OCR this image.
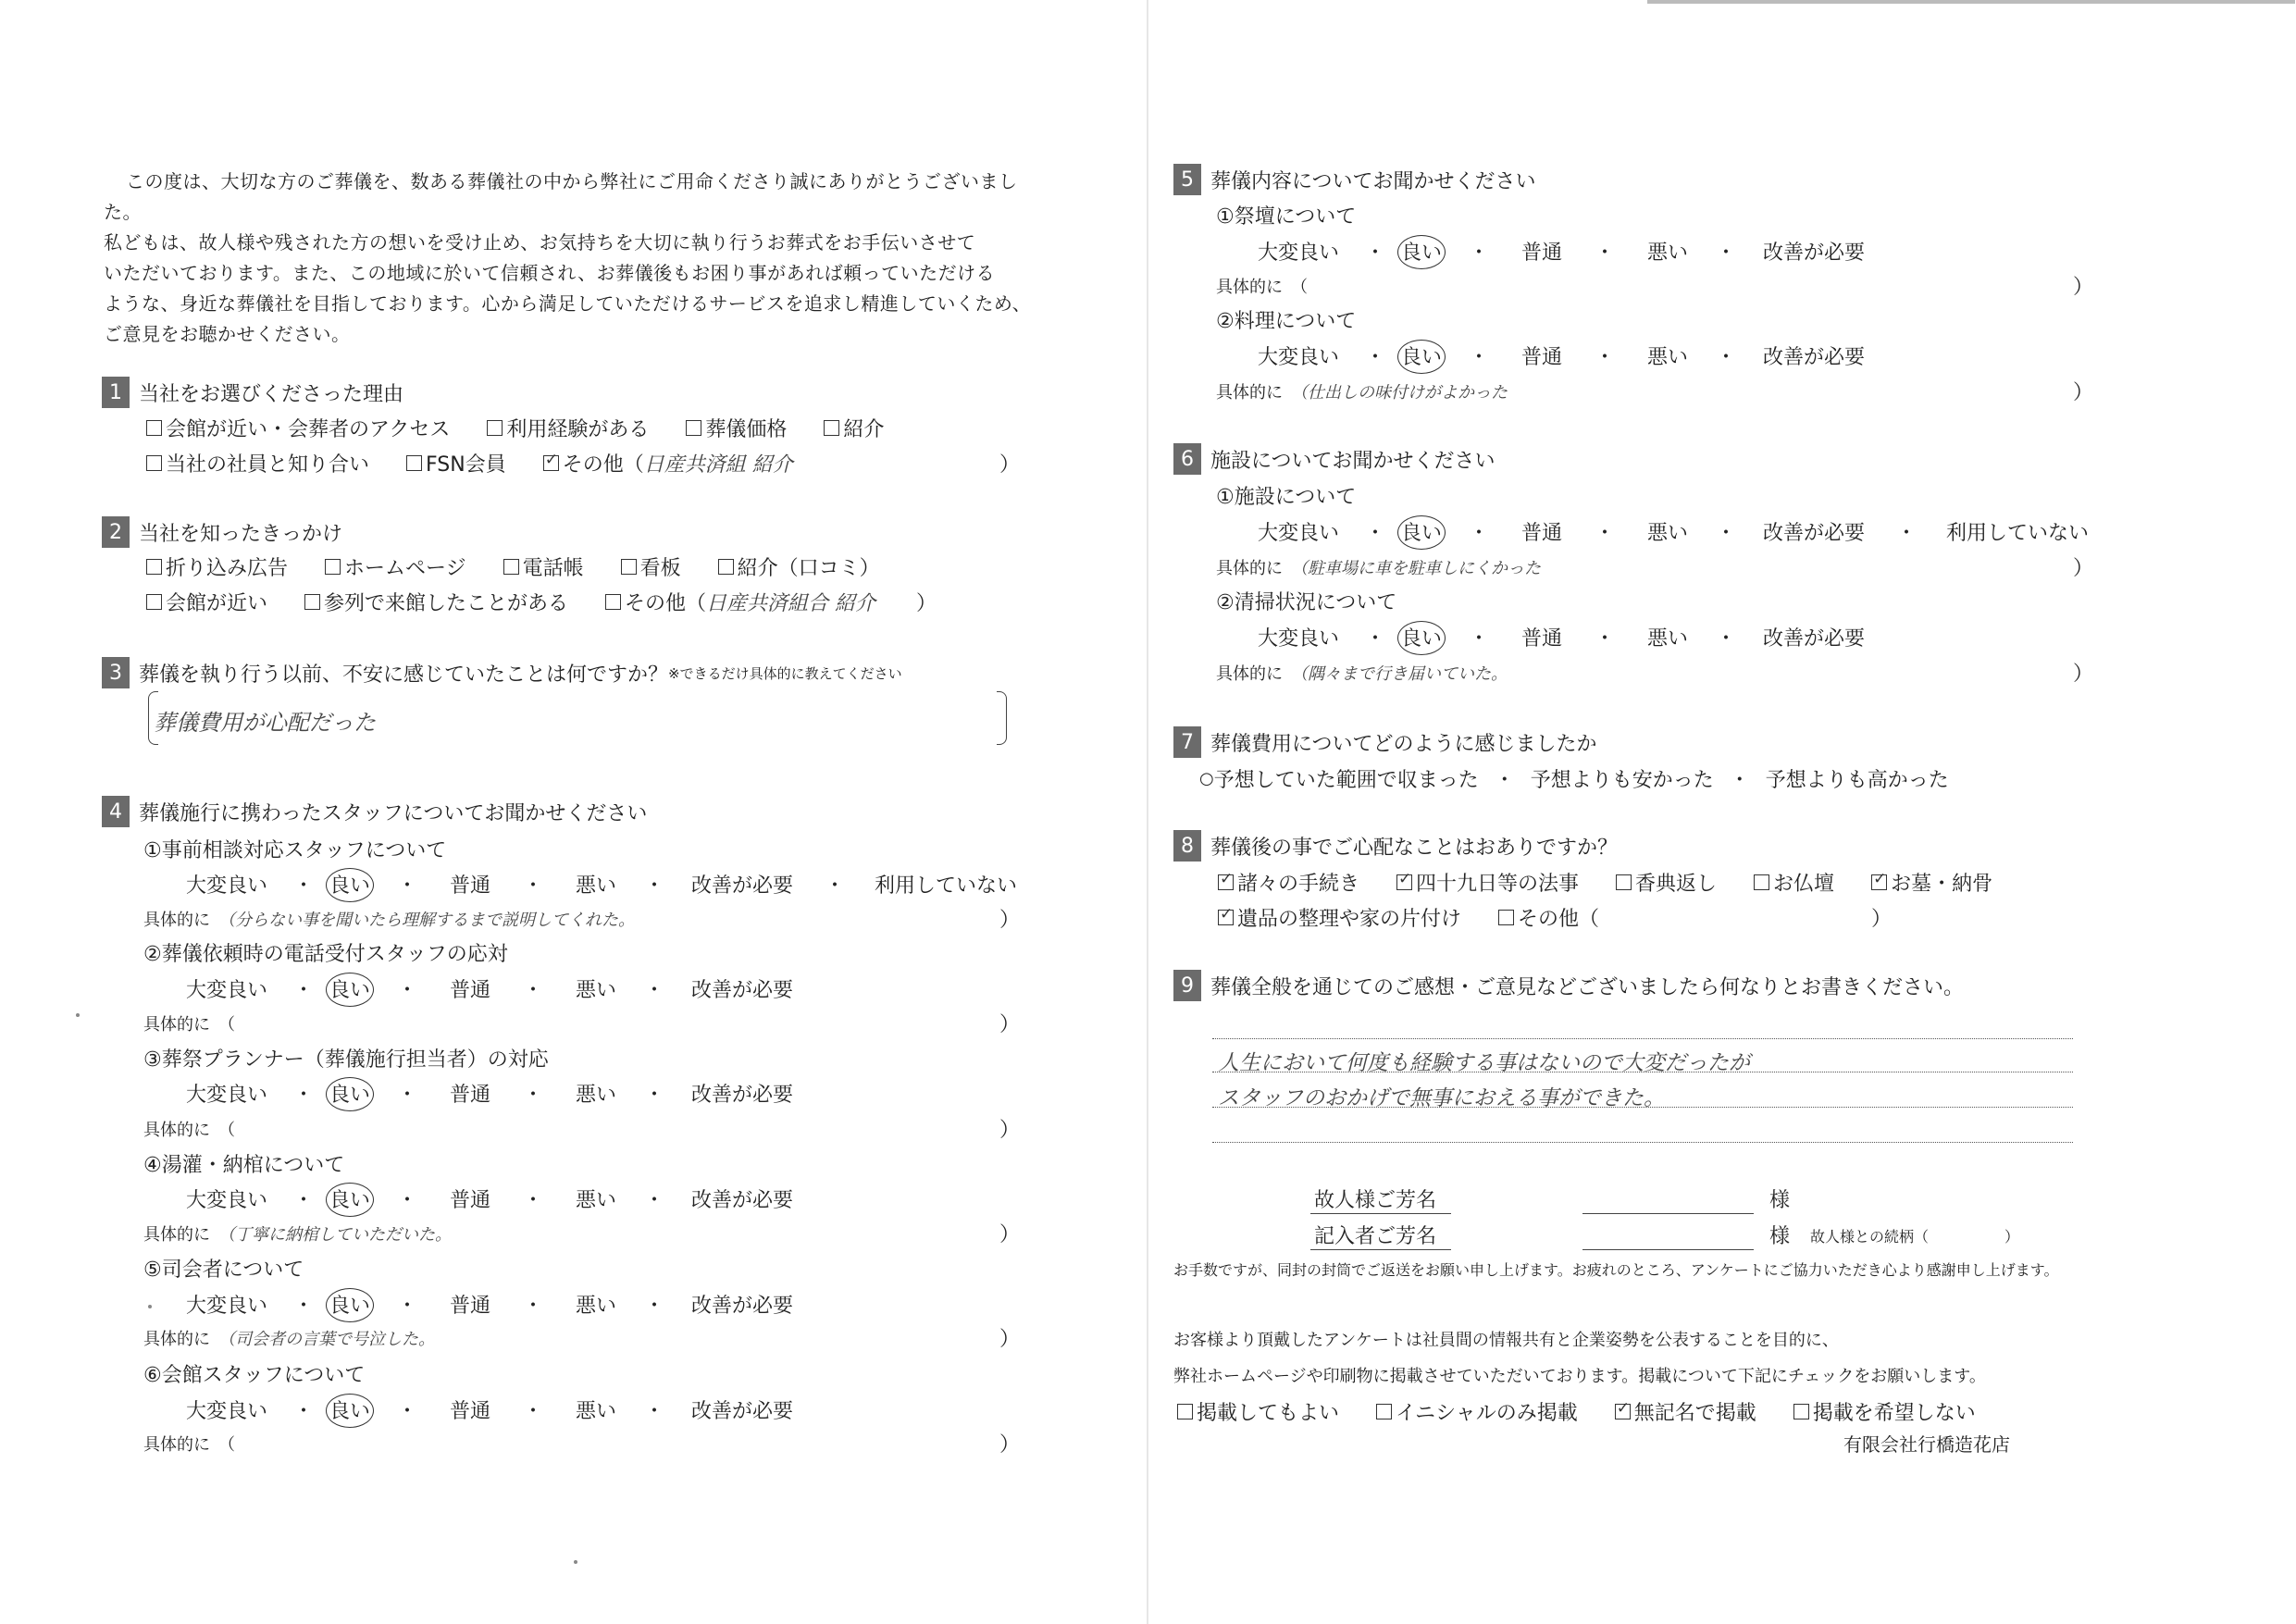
この度は、大切な方のご葬儀を、数ある葬儀社の中から弊社にご用命くださり誠にありがとうございました。

私どもは、故人様や残された方の想いを受け止め、お気持ちを大切に執り行うお葬式をお手伝いさせて

いただいております。また、この地域に於いて信頼され、お葬儀後もお困り事があれば頼っていただける

ような、身近な葬儀社を目指しております。心から満足していただけるサービスを追求し精進していくため、

ご意見をお聴かせください。

1 当社をお選びくださった理由
会館が近い・会葬者のアクセス	利用経験がある	葬儀価格	紹介
当社の社員と知り合い	FSN会員 ✓	その他（ 日産共済組 紹介	）
2 当社を知ったきっかけ
折り込み広告	ホームページ	電話帳	看板	紹介（口コミ）
会館が近い	参列で来館したことがある	その他（ 日産共済組合 紹介 ）
3 葬儀を執り行う以前、不安に感じていたことは何ですか？ ※できるだけ具体的に教えてください
葬儀費用が心配だった
4 葬儀施行に携わったスタッフについてお聞かせください
①事前相談対応スタッフについて
大変良い	・ 良い	・	普通	・	悪い	・	改善が必要	・	利用していない
具体的に　 （分らない事を聞いたら理解するまで説明してくれた。	）
②葬儀依頼時の電話受付スタッフの応対
大変良い	・ 良い	・	普通	・	悪い	・	改善が必要
具体的に　 （	）
③葬祭プランナー（葬儀施行担当者）の対応
大変良い	・ 良い	・	普通	・	悪い	・	改善が必要
具体的に　 （	）
④湯灌・納棺について
大変良い	・ 良い	・	普通	・	悪い	・	改善が必要
具体的に　 （丁寧に納棺していただいた。	）
⑤司会者について
大変良い	・ 良い	・	普通	・	悪い	・	改善が必要
具体的に　 （司会者の言葉で号泣した。	）
⑥会館スタッフについて
大変良い	・ 良い	・	普通	・	悪い	・	改善が必要
具体的に　 （	）
5 葬儀内容についてお聞かせください
①祭壇について
大変良い	・ 良い	・	普通	・	悪い	・	改善が必要
具体的に　 （	）
②料理について
大変良い	・ 良い	・	普通	・	悪い	・	改善が必要
具体的に　 （仕出しの味付けがよかった	）
6 施設についてお聞かせください
①施設について
大変良い	・ 良い	・	普通	・	悪い	・	改善が必要	・	利用していない
具体的に　 （駐車場に車を駐車しにくかった	）
②清掃状況について
大変良い	・ 良い	・	普通	・	悪い	・	改善が必要
具体的に　 （隅々まで行き届いていた。	）
7 葬儀費用についてどのように感じましたか
○ 予想していた範囲で収まった ・ 予想よりも安かった ・ 予想よりも高かった
8 葬儀後の事でご心配なことはおありですか？
✓
諸々の手続き ✓	四十九日等の法事	香典返し	お仏壇 ✓	お墓・納骨
✓
遺品の整理や家の片付け	その他（	）
9 葬儀全般を通じてのご感想・ご意見などございましたら何なりとお書きください。
人生において何度も経験する事はないので大変だったが
スタッフのおかげで無事におえる事ができた。
故人様ご芳名	様
記入者ご芳名	様 故人様との続柄（	）
お手数ですが、同封の封筒でご返送をお願い申し上げます。お疲れのところ、アンケートにご協力いただき心より感謝申し上げます。
お客様より頂戴したアンケートは社員間の情報共有と企業姿勢を公表することを目的に、
弊社ホームページや印刷物に掲載させていただいております。掲載について下記にチェックをお願いします。
掲載してもよい	イニシャルのみ掲載 ✓	無記名で掲載	掲載を希望しない
有限会社行橋造花店
